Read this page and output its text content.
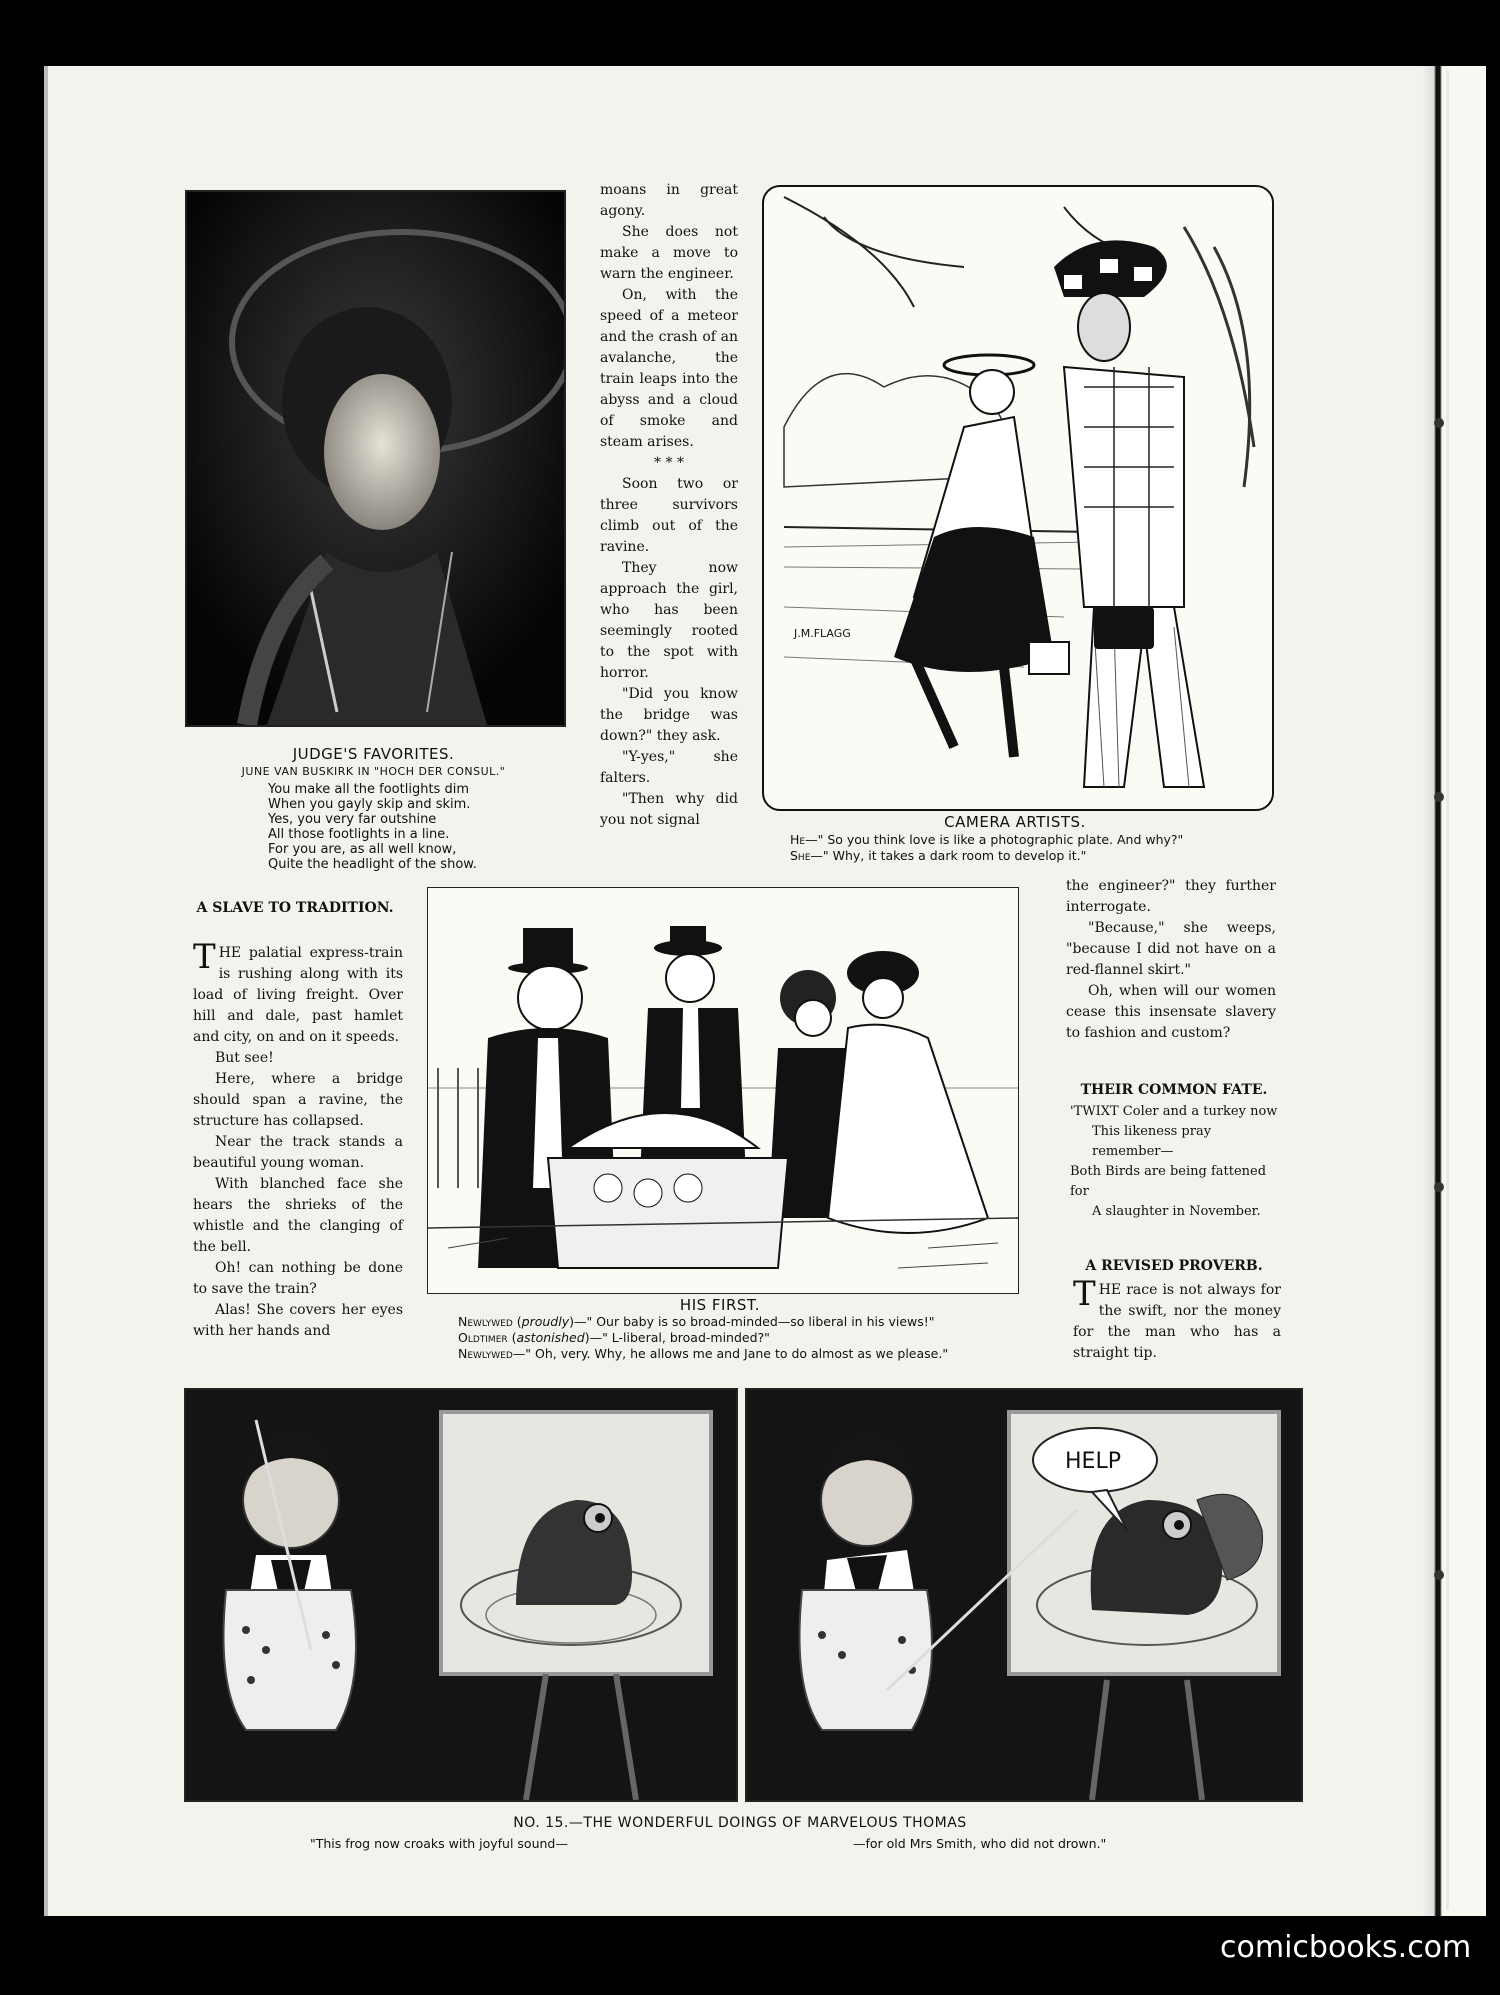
JUDGE'S FAVORITES.
JUNE VAN BUSKIRK IN "HOCH DER CONSUL."
You make all the footlights dim
When you gayly skip and skim.
Yes, you very far outshine
All those footlights in a line.
For you are, as all well know,
Quite the headlight of the show.

moans in great agony.

She does not make a move to warn the engineer.

On, with the speed of a meteor and the crash of an avalanche, the train leaps into the abyss and a cloud of smoke and steam arises.

* * *

Soon two or three survivors climb out of the ravine.

They now approach the girl, who has been seemingly rooted to the spot with horror.

"Did you know the bridge was down?" they ask.

"Y-yes," she falters.

"Then why did you not signal

J.M.FLAGG
CAMERA ARTISTS.
He—" So you think love is like a photographic plate. And why?"
She—" Why, it takes a dark room to develop it."
A SLAVE TO TRADITION.

THE palatial express-train is rushing along with its load of living freight. Over hill and dale, past hamlet and city, on and on it speeds.

But see!

Here, where a bridge should span a ravine, the structure has collapsed.

Near the track stands a beautiful young woman.

With blanched face she hears the shrieks of the whistle and the clanging of the bell.

Oh! can nothing be done to save the train?

Alas! She covers her eyes with her hands and

HIS FIRST.
Newlywed (proudly)—" Our baby is so broad-minded—so liberal in his views!"
Oldtimer (astonished)—" L-liberal, broad-minded?"
Newlywed—" Oh, very. Why, he allows me and Jane to do almost as we please."

the engineer?" they further interrogate.

"Because," she weeps, "because I did not have on a red-flannel skirt."

Oh, when will our women cease this insensate slavery to fashion and custom?

THEIR COMMON FATE.
'TWIXT Coler and a turkey now
This likeness pray remember—
Both Birds are being fattened for
A slaughter in November.
A REVISED PROVERB.

THE race is not always for the swift, nor the money for the man who has a straight tip.

HELP
NO. 15.—THE WONDERFUL DOINGS OF MARVELOUS THOMAS
"This frog now croaks with joyful sound—	—for old Mrs Smith, who did not drown."
comicbooks.com
